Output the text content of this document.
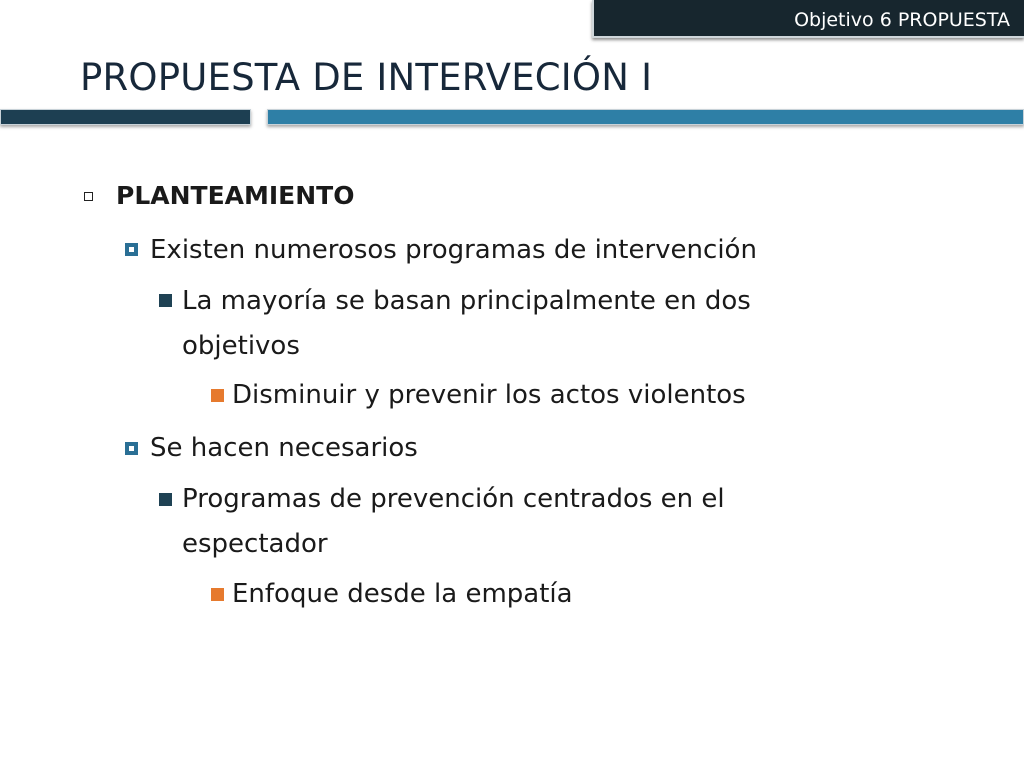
Objetivo 6 PROPUESTA
PROPUESTA DE INTERVECIÓN I
PLANTEAMIENTO
Existen numerosos programas de intervención
La mayoría se basan principalmente en dos
objetivos
Disminuir y prevenir los actos violentos
Se hacen necesarios
Programas de prevención centrados en el
espectador
Enfoque desde la empatía
